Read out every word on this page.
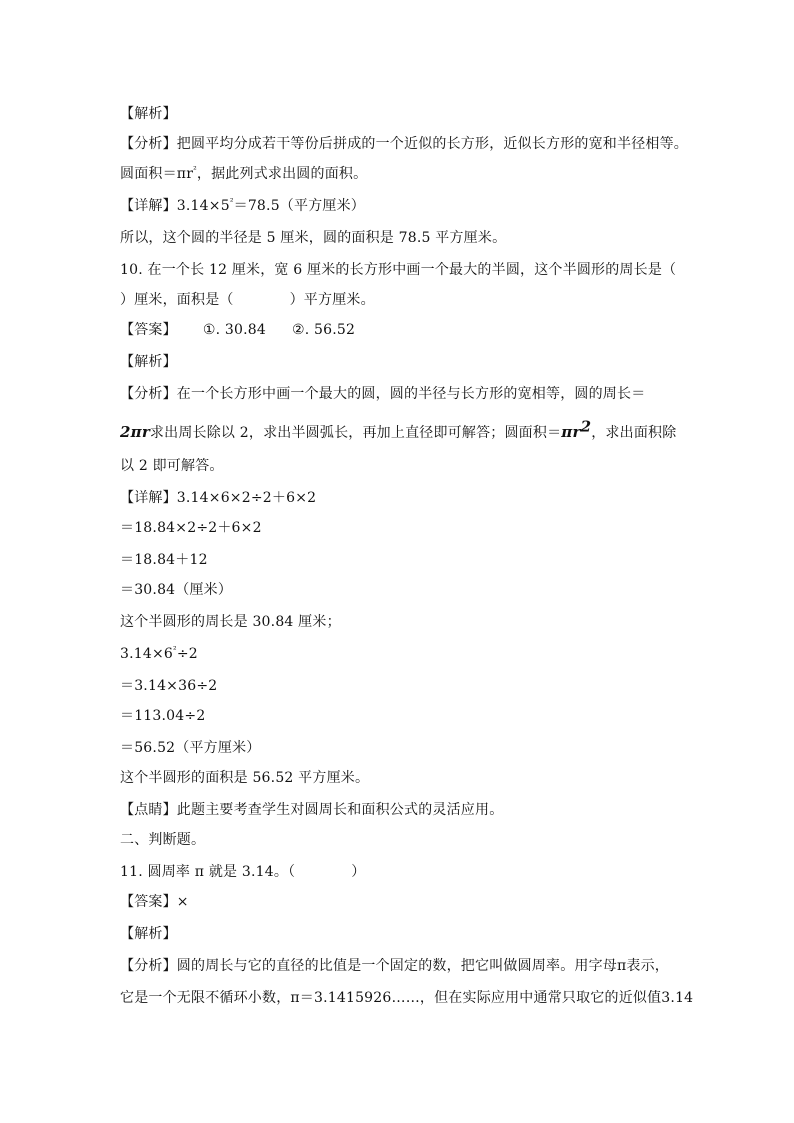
【解析】
【分析】把圆平均分成若干等份后拼成的一个近似的长方形，近似长方形的宽和半径相等。
圆面积$=\pi r^{^2}$，据此列式求出圆的面积。
【详解】$3.14\times 5^{^2}=78.5$（平方厘米）
所以，这个圆的半径是 5 厘米，圆的面积是 78.5 平方厘米。
10. 在一个长 12 厘米，宽 6 厘米的长方形中画一个最大的半圆，这个半圆形的周长是（
）厘米，面积是（	）平方厘米。
【答案】 ①. 30.84 ②. 56.52
【解析】
【分析】在一个长方形中画一个最大的圆，圆的半径与长方形的宽相等，圆的周长＝
2πr求出周长除以 2，求出半圆弧长，再加上直径即可解答；圆面积$=\pi r^2$，求出面积除
以 2 即可解答。
【详解】3.14×6×2÷2＋6×2
＝18.84×2÷2＋6×2
＝18.84＋12
＝30.84（厘米）
这个半圆形的周长是 30.84 厘米；
$3.14\times 6^{^2}\div 2$
＝3.14×36÷2
＝113.04÷2
＝56.52（平方厘米）
这个半圆形的面积是 56.52 平方厘米。
【点睛】此题主要考查学生对圆周长和面积公式的灵活应用。
二、判断题。
11. 圆周率 π 就是 3.14。（	）
【答案】×
【解析】
【分析】圆的周长与它的直径的比值是一个固定的数，把它叫做圆周率。用字母π表示，
它是一个无限不循环小数，π＝3.1415926……，但在实际应用中通常只取它的近似值3.14
